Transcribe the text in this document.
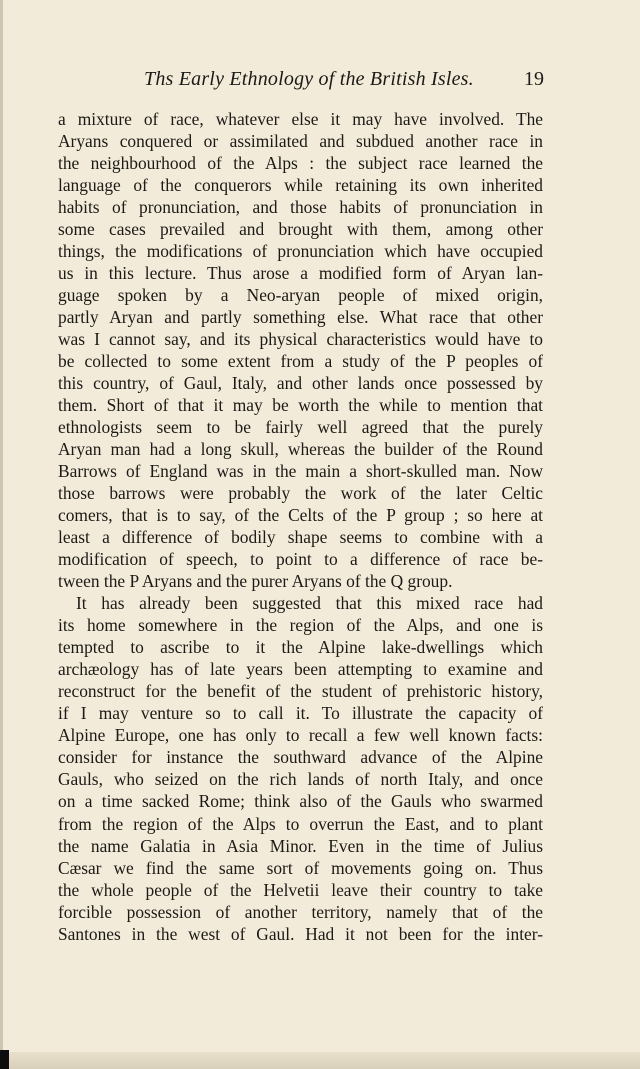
Ths Early Ethnology of the British Isles.	19
a mixture of race, whatever else it may have involved. The
Aryans conquered or assimilated and subdued another race in
the neighbourhood of the Alps : the subject race learned the
language of the conquerors while retaining its own inherited
habits of pronunciation, and those habits of pronunciation in
some cases prevailed and brought with them, among other
things, the modifications of pronunciation which have occupied
us in this lecture. Thus arose a modified form of Aryan lan-
guage spoken by a Neo-aryan people of mixed origin,
partly Aryan and partly something else. What race that other
was I cannot say, and its physical characteristics would have to
be collected to some extent from a study of the P peoples of
this country, of Gaul, Italy, and other lands once possessed by
them. Short of that it may be worth the while to mention that
ethnologists seem to be fairly well agreed that the purely
Aryan man had a long skull, whereas the builder of the Round
Barrows of England was in the main a short-skulled man. Now
those barrows were probably the work of the later Celtic
comers, that is to say, of the Celts of the P group ; so here at
least a difference of bodily shape seems to combine with a
modification of speech, to point to a difference of race be-
tween the P Aryans and the purer Aryans of the Q group.
It has already been suggested that this mixed race had
its home somewhere in the region of the Alps, and one is
tempted to ascribe to it the Alpine lake-dwellings which
archæology has of late years been attempting to examine and
reconstruct for the benefit of the student of prehistoric history,
if I may venture so to call it. To illustrate the capacity of
Alpine Europe, one has only to recall a few well known facts:
consider for instance the southward advance of the Alpine
Gauls, who seized on the rich lands of north Italy, and once
on a time sacked Rome; think also of the Gauls who swarmed
from the region of the Alps to overrun the East, and to plant
the name Galatia in Asia Minor. Even in the time of Julius
Cæsar we find the same sort of movements going on. Thus
the whole people of the Helvetii leave their country to take
forcible possession of another territory, namely that of the
Santones in the west of Gaul. Had it not been for the inter-
